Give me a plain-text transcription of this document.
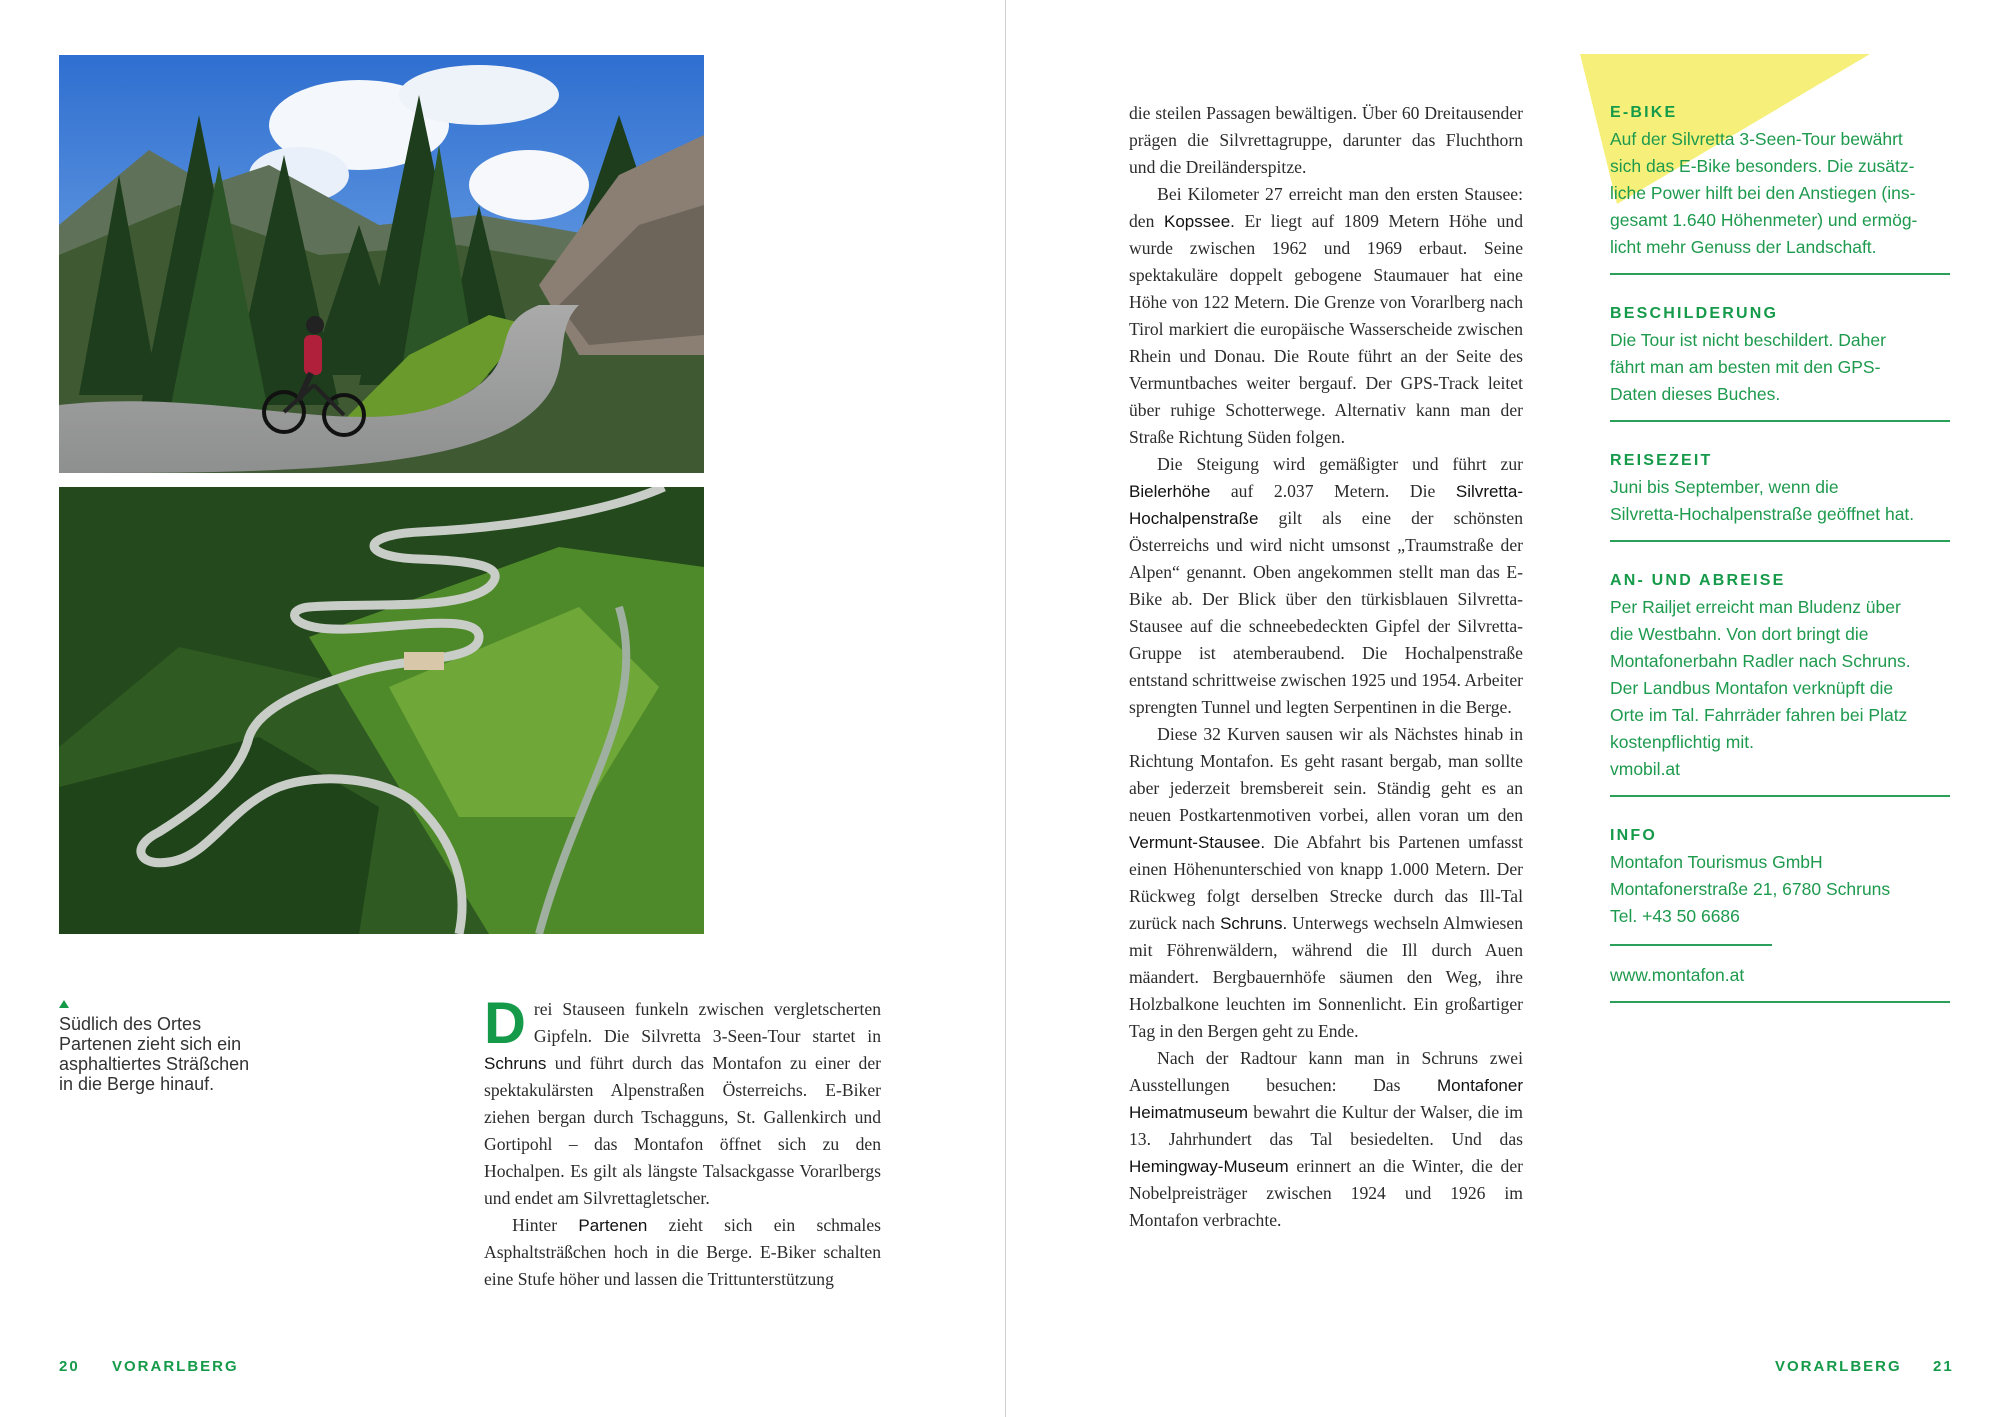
Südlich des Ortes
Partenen zieht sich ein
asphaltiertes Sträßchen
in die Berge hinauf.

Drei Stauseen funkeln zwischen vergletscherten Gipfeln. Die Silvretta 3-Seen-Tour startet in Schruns und führt durch das Montafon zu einer der spektakulärsten Alpenstraßen Österreichs. E-Biker ziehen bergan durch Tschagguns, St. Gallenkirch und Gortipohl – das Montafon öffnet sich zu den Hochalpen. Es gilt als längste Talsackgasse Vorarlbergs und endet am Silvrettagletscher.

Hinter Partenen zieht sich ein schmales Asphaltsträßchen hoch in die Berge. E-Biker schalten eine Stufe höher und lassen die Trittunterstützung

die steilen Passagen bewältigen. Über 60 Dreitausender prägen die Silvrettagruppe, darunter das Fluchthorn und die Dreiländerspitze.

Bei Kilometer 27 erreicht man den ersten Stausee: den Kopssee. Er liegt auf 1809 Metern Höhe und wurde zwischen 1962 und 1969 erbaut. Seine spektakuläre doppelt gebogene Staumauer hat eine Höhe von 122 Metern. Die Grenze von Vorarlberg nach Tirol markiert die europäische Wasserscheide zwischen Rhein und Donau. Die Route führt an der Seite des Vermuntbaches weiter bergauf. Der GPS-Track leitet über ruhige Schotterwege. Alternativ kann man der Straße Richtung Süden folgen.

Die Steigung wird gemäßigter und führt zur Bielerhöhe auf 2.037 Metern. Die Silvretta-Hochalpenstraße gilt als eine der schönsten Österreichs und wird nicht umsonst „Traumstraße der Alpen“ genannt. Oben angekommen stellt man das E-Bike ab. Der Blick über den türkisblauen Silvretta-Stausee auf die schneebedeckten Gipfel der Silvretta-Gruppe ist atemberaubend. Die Hochalpenstraße entstand schrittweise zwischen 1925 und 1954. Arbeiter sprengten Tunnel und legten Serpentinen in die Berge.

Diese 32 Kurven sausen wir als Nächstes hinab in Richtung Montafon. Es geht rasant bergab, man sollte aber jederzeit bremsbereit sein. Ständig geht es an neuen Postkartenmotiven vorbei, allen voran um den Vermunt-Stausee. Die Abfahrt bis Partenen umfasst einen Höhenunterschied von knapp 1.000 Metern. Der Rückweg folgt derselben Strecke durch das Ill-Tal zurück nach Schruns. Unterwegs wechseln Almwiesen mit Föhrenwäldern, während die Ill durch Auen mäandert. Bergbauernhöfe säumen den Weg, ihre Holzbalkone leuchten im Sonnenlicht. Ein großartiger Tag in den Bergen geht zu Ende.

Nach der Radtour kann man in Schruns zwei Ausstellungen besuchen: Das Montafoner Heimatmuseum bewahrt die Kultur der Walser, die im 13. Jahrhundert das Tal besiedelten. Und das Hemingway-Museum erinnert an die Winter, die der Nobelpreisträger zwischen 1924 und 1926 im Montafon verbrachte.

E-BIKE
Auf der Silvretta 3-Seen-Tour bewährt
sich das E-Bike besonders. Die zusätz-
liche Power hilft bei den Anstiegen (ins-
gesamt 1.640 Höhenmeter) und ermög-
licht mehr Genuss der Landschaft.
BESCHILDERUNG
Die Tour ist nicht beschildert. Daher
fährt man am besten mit den GPS-
Daten dieses Buches.
REISEZEIT
Juni bis September, wenn die
Silvretta-Hochalpenstraße geöffnet hat.
AN- UND ABREISE
Per Railjet erreicht man Bludenz über
die Westbahn. Von dort bringt die
Montafonerbahn Radler nach Schruns.
Der Landbus Montafon verknüpft die
Orte im Tal. Fahrräder fahren bei Platz
kostenpflichtig mit.
vmobil.at
INFO
Montafon Tourismus GmbH
Montafonerstraße 21, 6780 Schruns
Tel. +43 50 6686
www.montafon.at
20 VORARLBERG	VORARLBERG 21
